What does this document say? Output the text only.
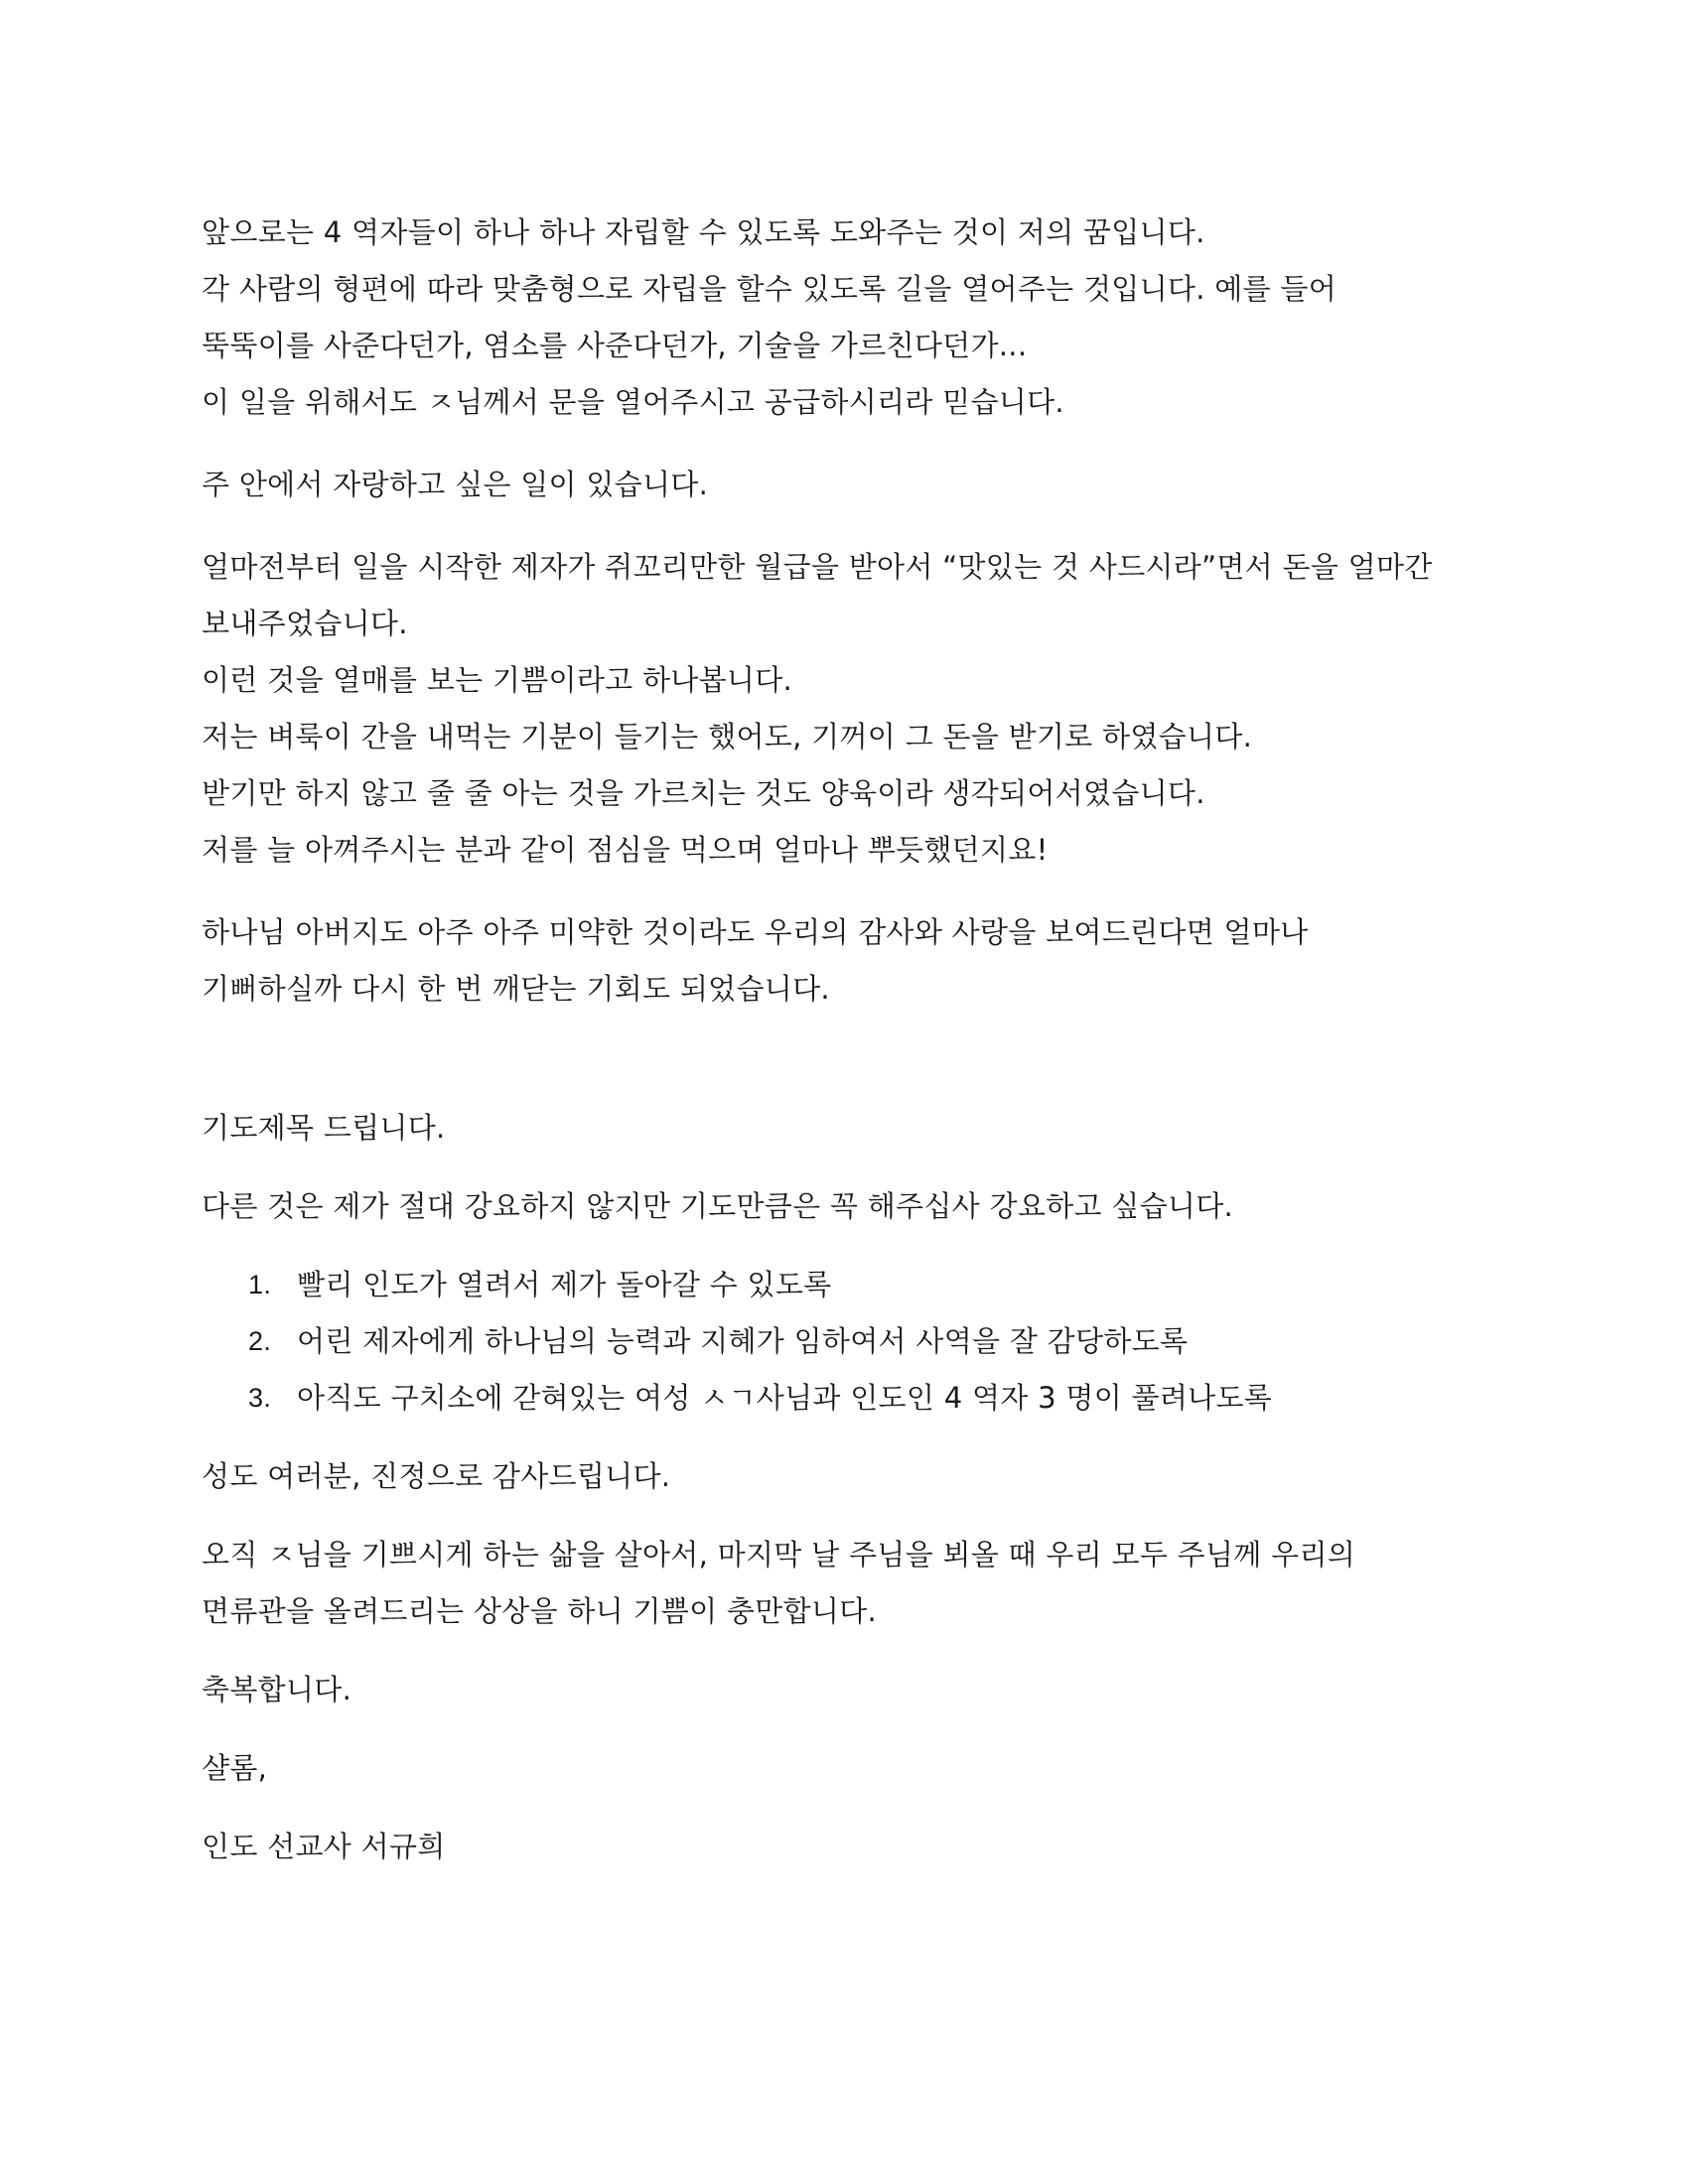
앞으로는 4 역자들이 하나 하나 자립할 수 있도록 도와주는 것이 저의 꿈입니다.
각 사람의 형편에 따라 맞춤형으로 자립을 할수 있도록 길을 열어주는 것입니다. 예를 들어
뚝뚝이를 사준다던가, 염소를 사준다던가, 기술을 가르친다던가...
이 일을 위해서도 ㅈ님께서 문을 열어주시고 공급하시리라 믿습니다.

주 안에서 자랑하고 싶은 일이 있습니다.

얼마전부터 일을 시작한 제자가 쥐꼬리만한 월급을 받아서 “맛있는 것 사드시라”면서 돈을 얼마간
보내주었습니다.
이런 것을 열매를 보는 기쁨이라고 하나봅니다.
저는 벼룩이 간을 내먹는 기분이 들기는 했어도, 기꺼이 그 돈을 받기로 하였습니다.
받기만 하지 않고 줄 줄 아는 것을 가르치는 것도 양육이라 생각되어서였습니다.
저를 늘 아껴주시는 분과 같이 점심을 먹으며 얼마나 뿌듯했던지요!

하나님 아버지도 아주 아주 미약한 것이라도 우리의 감사와 사랑을 보여드린다면 얼마나
기뻐하실까 다시 한 번 깨닫는 기회도 되었습니다.

기도제목 드립니다.

다른 것은 제가 절대 강요하지 않지만 기도만큼은 꼭 해주십사 강요하고 싶습니다.

1. 빨리 인도가 열려서 제가 돌아갈 수 있도록
2. 어린 제자에게 하나님의 능력과 지혜가 임하여서 사역을 잘 감당하도록
3. 아직도 구치소에 갇혀있는 여성 ㅅㄱ사님과 인도인 4 역자 3 명이 풀려나도록

성도 여러분, 진정으로 감사드립니다.

오직 ㅈ님을 기쁘시게 하는 삶을 살아서, 마지막 날 주님을 뵈올 때 우리 모두 주님께 우리의
면류관을 올려드리는 상상을 하니 기쁨이 충만합니다.

축복합니다.

샬롬,

인도 선교사 서규희
